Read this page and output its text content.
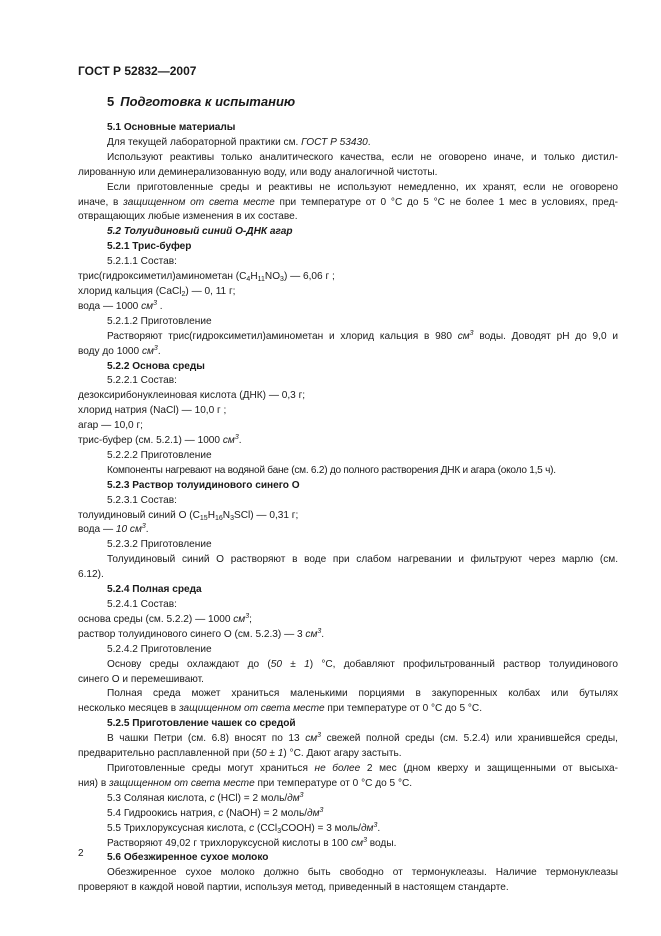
ГОСТ Р 52832—2007
5 Подготовка к испытанию

5.1 Основные материалы

Для текущей лабораторной практики см. ГОСТ Р 53430.

Используют реактивы только аналитического качества, если не оговорено иначе, и только дистил-

лированную или деминерализованную воду, или воду аналогичной чистоты.

Если приготовленные среды и реактивы не используют немедленно, их хранят, если не оговорено

иначе, в защищенном от света месте при температуре от 0 °С до 5 °С не более 1 мес в условиях, пред-

отвращающих любые изменения в их составе.

5.2 Толуидиновый синий О-ДНК агар

5.2.1 Трис-буфер

5.2.1.1 Состав:

трис(гидроксиметил)аминометан $(С_4Н_{11}NO_3)$ — 6,06 г ;

хлорид кальция (CaCl$_2$) — 0, 11 г;

вода — 1000 $см^3$ .

5.2.1.2 Приготовление

Растворяют трис(гидроксиметил)аминометан и хлорид кальция в 980 $см^3$ воды. Доводят рН до 9,0 и

воду до 1000 $см^3$.

5.2.2 Основа среды

5.2.2.1 Состав:

дезоксирибонуклеиновая кислота (ДНК) — 0,3 г;

хлорид натрия (NaCl) — 10,0 г ;

агар — 10,0 г;

трис-буфер (см. 5.2.1) — 1000 $см^3$.

5.2.2.2 Приготовление

Компоненты нагревают на водяной бане (см. 6.2) до полного растворения ДНК и агара (около 1,5 ч).

5.2.3 Раствор толуидинового синего О

5.2.3.1 Состав:

толуидиновый синий О $(С_{15}Н_{16}N_3SCl)$ — 0,31 г;

вода — 10 $см^3$.

5.2.3.2 Приготовление

Толуидиновый синий О растворяют в воде при слабом нагревании и фильтруют через марлю (см.

6.12).

5.2.4 Полная среда

5.2.4.1 Состав:

основа среды (см. 5.2.2) — 1000 $см^3$;

раствор толуидинового синего О (см. 5.2.3) — 3 $см^3$.

5.2.4.2 Приготовление

Основу среды охлаждают до (50 ± 1) °С, добавляют профильтрованный раствор толуидинового

синего О и перемешивают.

Полная среда может храниться маленькими порциями в закупоренных колбах или бутылях

несколько месяцев в защищенном от света месте при температуре от 0 °С до 5 °С.

5.2.5 Приготовление чашек со средой

В чашки Петри (см. 6.8) вносят по 13 $см^3$ свежей полной среды (см. 5.2.4) или хранившейся среды,

предварительно расплавленной при (50 ± 1) °С. Дают агару застыть.

Приготовленные среды могут храниться не более 2 мес (дном кверху и защищенными от высыха-

ния) в защищенном от света месте при температуре от 0 °С до 5 °С.

5.3 Соляная кислота, c (HCl) = 2 моль/$дм^3$

5.4 Гидроокись натрия, c (NaOH) = 2 моль/$дм^3$

5.5 Трихлоруксусная кислота, c (CCl$_3$COOH) = 3 моль/$дм^3$.

Растворяют 49,02 г трихлоруксусной кислоты в 100 $см^3$ воды.

5.6 Обезжиренное сухое молоко

Обезжиренное сухое молоко должно быть свободно от термонуклеазы. Наличие термонуклеазы

проверяют в каждой новой партии, используя метод, приведенный в настоящем стандарте.

2
